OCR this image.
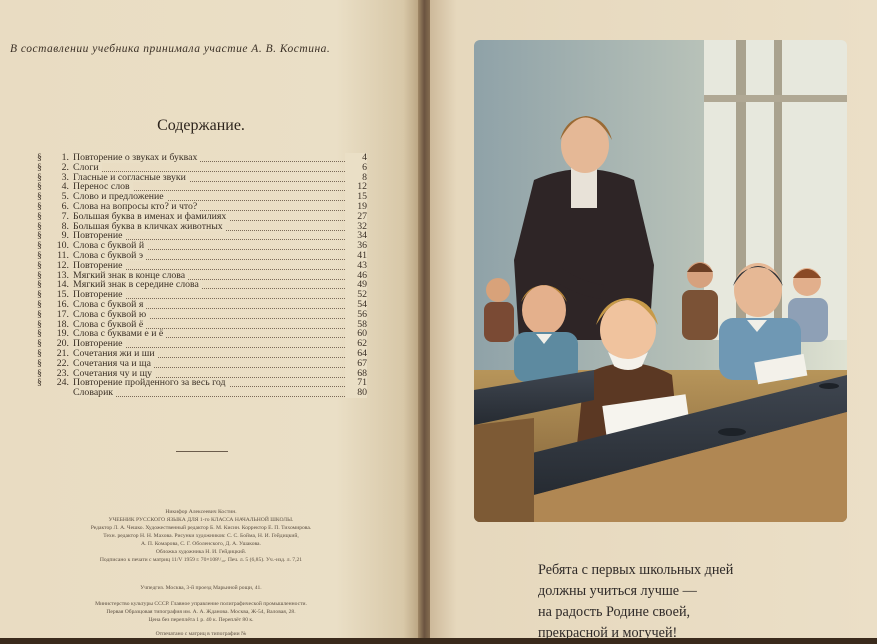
В составлении учебника принимала участие А. В. Костина.
Содержание.
§	1. Повторение о звуках и буквах	4
§	2. Слоги	6
§	3. Гласные и согласные звуки	8
§	4. Перенос слов	12
§	5. Слово и предложение	15
§	6. Слова на вопросы кто? и что?	19
§	7. Большая буква в именах и фамилиях	27
§	8. Большая буква в кличках животных	32
§	9. Повторение	34
§	10. Слова с буквой й	36
§	11. Слова с буквой э	41
§	12. Повторение	43
§	13. Мягкий знак в конце слова	46
§	14. Мягкий знак в середине слова	49
§	15. Повторение	52
§	16. Слова с буквой я	54
§	17. Слова с буквой ю	56
§	18. Слова с буквой ё	58
§	19. Слова с буквами е и ё	60
§	20. Повторение	62
§	21. Сочетания жи и ши	64
§	22. Сочетания ча и ща	67
§	23. Сочетания чу и щу	68
§	24. Повторение пройденного за весь год	71
Словарик	80
Никифор Алексеевич Костин.
УЧЕБНИК РУССКОГО ЯЗЫКА ДЛЯ 1-го КЛАССА НАЧАЛЬНОЙ ШКОЛЫ.
Редактор Л. А. Чешко. Художественный редактор Б. М. Кисин. Корректор Е. П. Тихомирова.
Техн. редактор Н. Н. Махова. Рисунки художников: С. С. Бойма, Н. И. Гейдицкий,
А. П. Комарова, С. Г. Оболенского, Д. А. Ушакова.
Обложка художника Н. И. Гейдицкий.
Подписано к печати с матриц 11/V 1959 г. 70×108¹/₁₆. Печ. л. 5 (6,85). Уч.-изд. л. 7,21
Учпедгиз. Москва, 3-й проезд Марьиной рощи, 41.
Министерство культуры СССР. Главное управление полиграфической промышленности.
Первая Образцовая типография им. А. А. Жданова. Москва, Ж-54, Валовая, 28.
Цена без переплёта 1 р. 40 к. Переплёт 80 к.
Отпечатано с матриц в типографии №
Ребята с первых школьных дней
должны учиться лучше —
на радость Родине своей,
прекрасной и могучей!
